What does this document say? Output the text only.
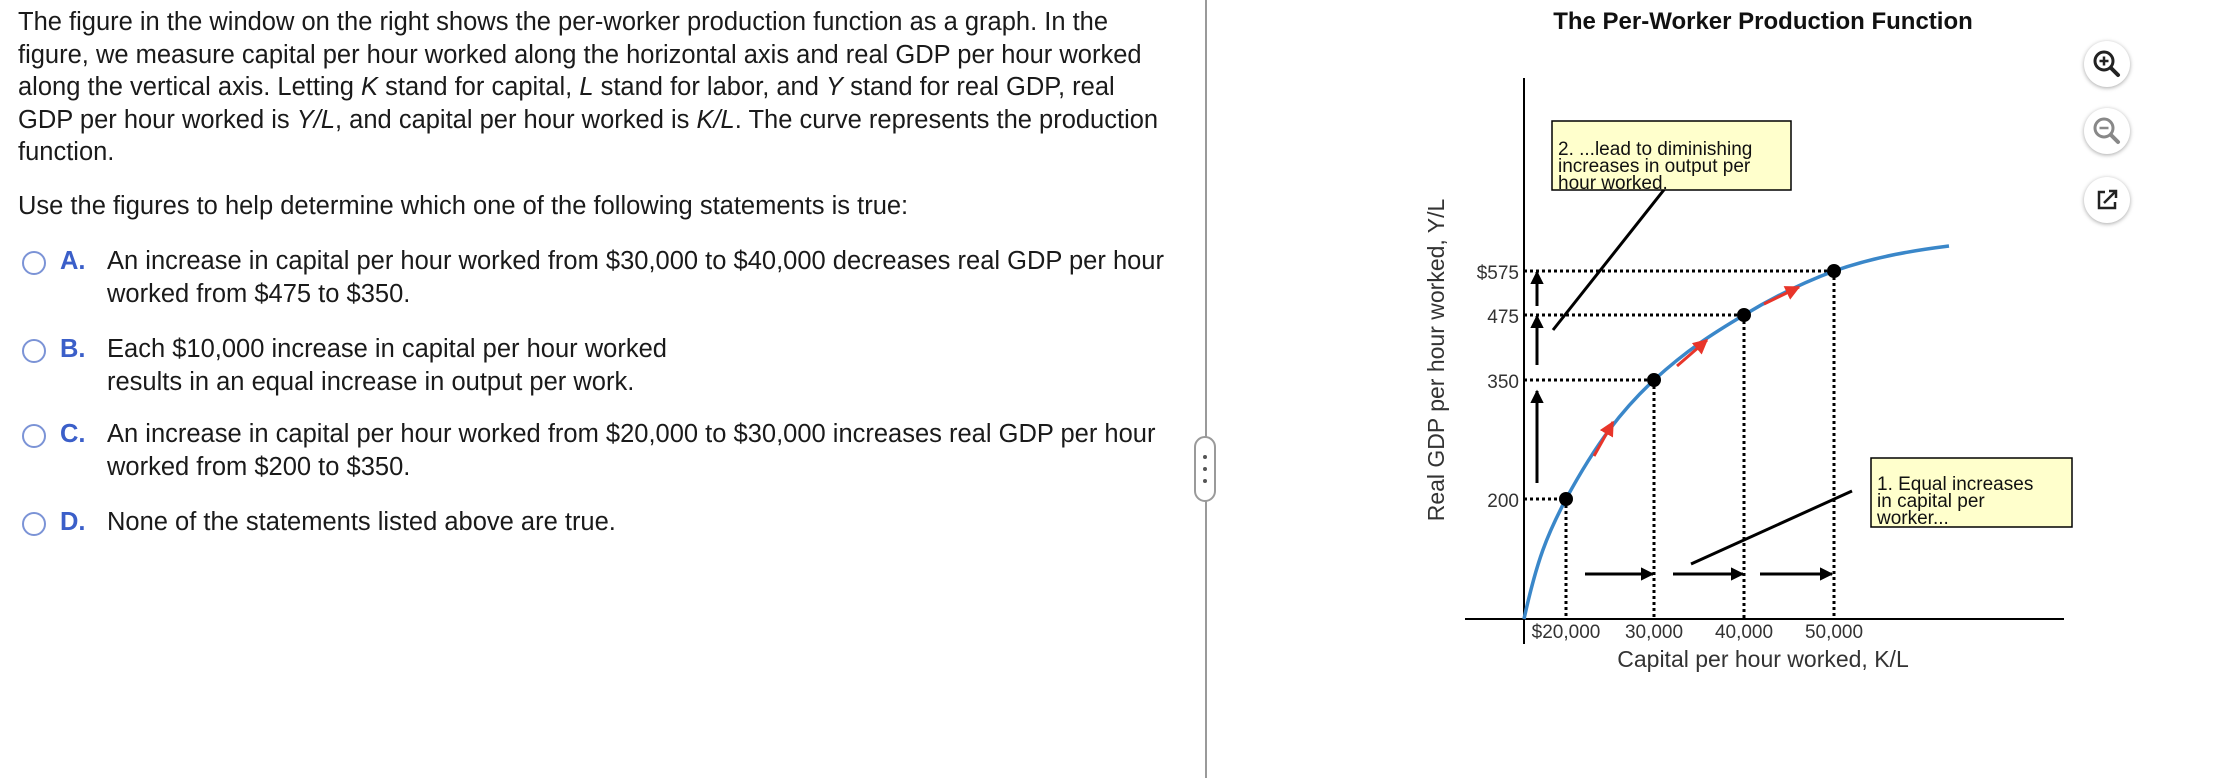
The figure in the window on the right shows the per-worker production function as a graph. In the figure, we measure capital per hour worked along the horizontal axis and real GDP per hour worked along the vertical axis. Letting K stand for capital, L stand for labor, and Y stand for real GDP, real GDP per hour worked is Y/L, and capital per hour worked is K/L. The curve represents the production function.
Use the figures to help determine which one of the following statements is true:
A. An increase in capital per hour worked from $30,000 to $40,000 decreases real GDP per hour worked from $475 to $350.
B. Each $10,000 increase in capital per hour worked results in an equal increase in output per work.
C. An increase in capital per hour worked from $20,000 to $30,000 increases real GDP per hour worked from $200 to $350.
D. None of the statements listed above are true.
The Per-Worker Production Function
200
350
475
$575
$20,000 30,000 40,000 50,000
Capital per hour worked, K/L
Real GDP per hour worked, Y/L
2. ...lead to diminishing increases in output per hour worked.
1. Equal increases in capital per worker...
